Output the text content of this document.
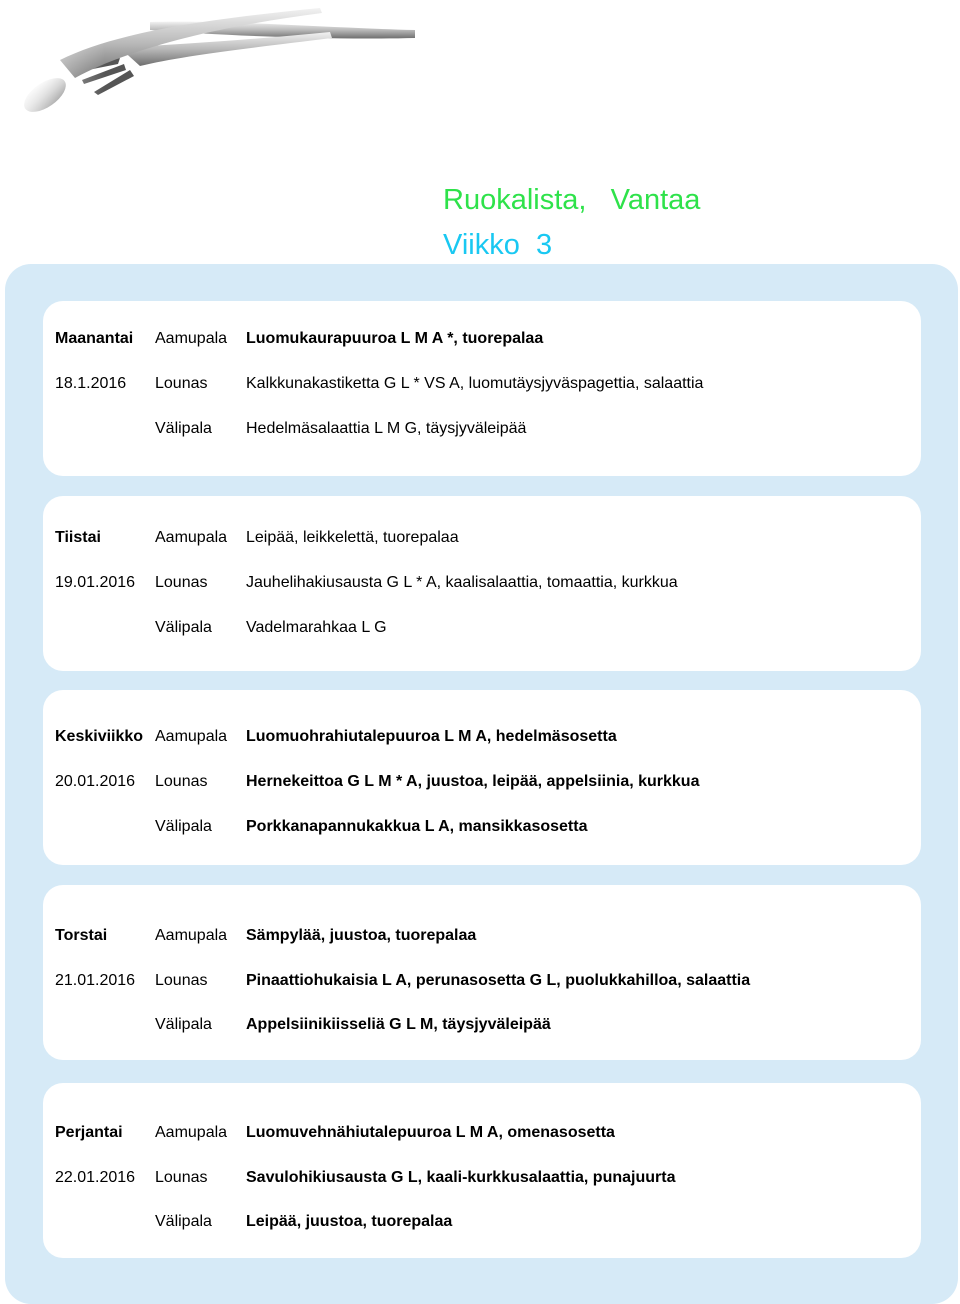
Ruokalista,   Vantaa
Viikko  3
Maanantai Aamupala Luomukaurapuuroa L M A *, tuorepalaa
18.1.2016 Lounas Kalkkunakastiketta G L * VS A, luomutäysjyväspagettia, salaattia
Välipala Hedelmäsalaattia L M G, täysjyväleipää
Tiistai	Aamupala Leipää, leikkelettä, tuorepalaa
19.01.2016 Lounas Jauhelihakiusausta G L * A, kaalisalaattia, tomaattia, kurkkua
Välipala Vadelmarahkaa L G
Keskiviikko Aamupala Luomuohrahiutalepuuroa L M A, hedelmäsosetta
20.01.2016 Lounas Hernekeittoa G L M * A, juustoa, leipää, appelsiinia, kurkkua
Välipala Porkkanapannukakkua L A, mansikkasosetta
Torstai	Aamupala Sämpylää, juustoa, tuorepalaa
21.01.2016 Lounas Pinaattiohukaisia L A, perunasosetta G L, puolukkahilloa, salaattia
Välipala Appelsiinikiisseliä G L M, täysjyväleipää
Perjantai Aamupala Luomuvehnähiutalepuuroa L M A, omenasosetta
22.01.2016 Lounas Savulohikiusausta G L, kaali-kurkkusalaattia, punajuurta
Välipala Leipää, juustoa, tuorepalaa
